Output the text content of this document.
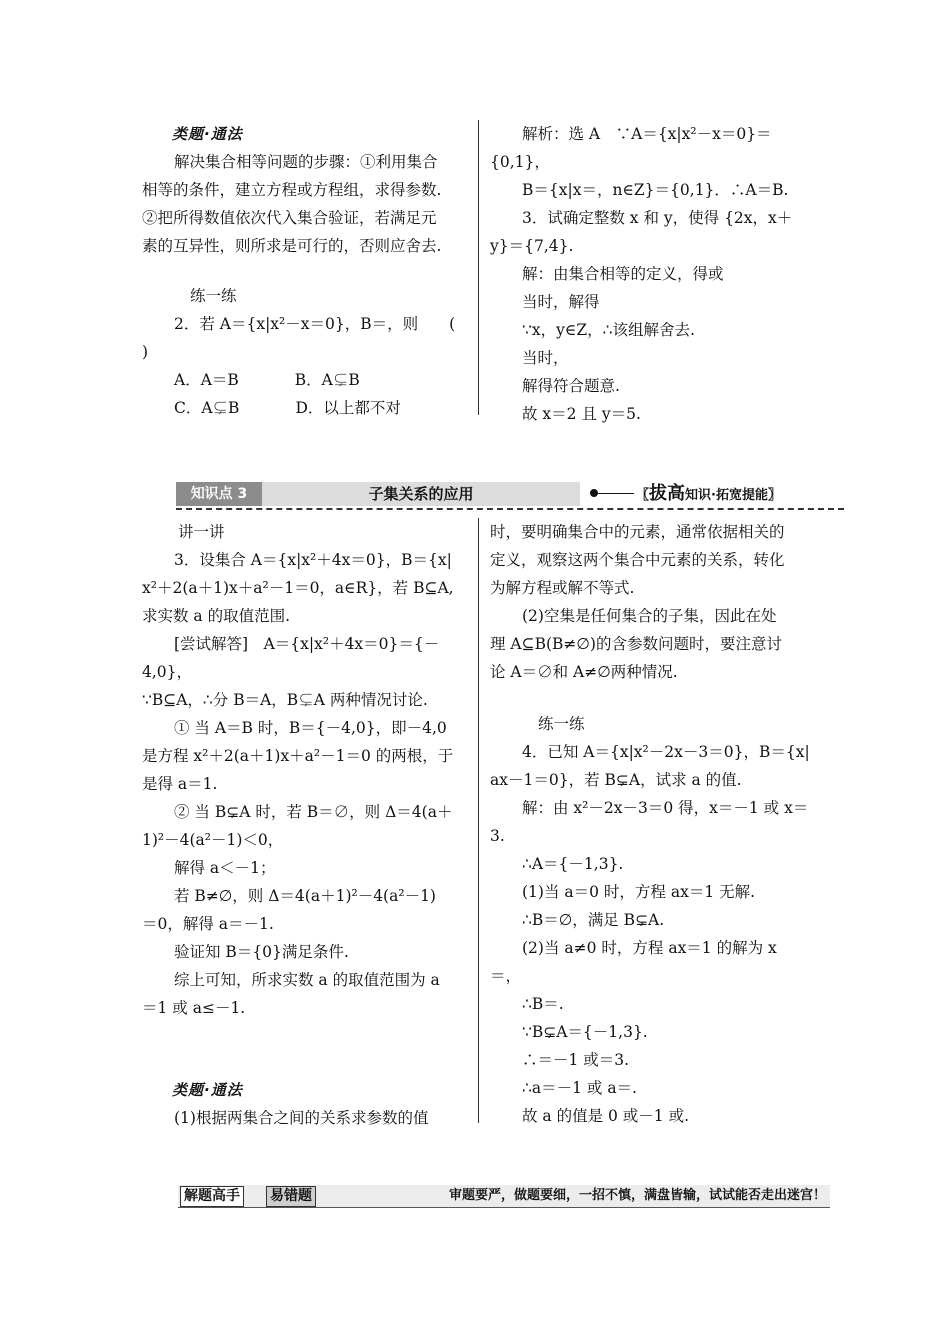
类题·通法

解决集合相等问题的步骤：①利用集合

相等的条件，建立方程或方程组，求得参数.

②把所得数值依次代入集合验证，若满足元

素的互异性，则所求是可行的，否则应舍去.

练一练

2．若 A＝{x|x²－x＝0}，B＝，则　　(

)

A．A＝B	B．A⊊B

C．A⊊B	D．以上都不对

解析：选 A　∵A＝{x|x²－x＝0}＝

{0,1}，

B＝{x|x＝，n∈Z}＝{0,1}．∴A＝B.

3．试确定整数 x 和 y，使得 {2x，x＋

y}＝{7,4}.

解：由集合相等的定义，得或

当时，解得

∵x，y∈Z，∴该组解舍去.

当时，

解得符合题意.

故 x＝2 且 y＝5.

知识点 3	子集关系的应用	〖拔高知识·拓宽提能〗

讲一讲

3．设集合 A＝{x|x²＋4x＝0}，B＝{x|

x²＋2(a＋1)x＋a²－1＝0，a∈R}，若 B⊆A,

求实数 a 的取值范围.

[尝试解答]　A＝{x|x²＋4x＝0}＝{－

4,0}，

∵B⊆A，∴分 B＝A，B⊊A 两种情况讨论.

① 当 A＝B 时，B＝{－4,0}，即－4,0

是方程 x²＋2(a＋1)x＋a²－1＝0 的两根，于

是得 a＝1.

② 当 B⊊A 时，若 B＝∅，则 Δ＝4(a＋

1)²－4(a²－1)＜0，

解得 a＜－1；

若 B≠∅，则 Δ＝4(a＋1)²－4(a²－1)

＝0，解得 a＝－1.

验证知 B＝{0}满足条件.

综上可知，所求实数 a 的取值范围为 a

＝1 或 a≤－1.

类题·通法

(1)根据两集合之间的关系求参数的值

时，要明确集合中的元素，通常依据相关的

定义，观察这两个集合中元素的关系，转化

为解方程或解不等式.

(2)空集是任何集合的子集，因此在处

理 A⊆B(B≠∅)的含参数问题时，要注意讨

论 A＝∅和 A≠∅两种情况.

练一练

4．已知 A＝{x|x²－2x－3＝0}，B＝{x|

ax－1＝0}，若 B⊊A，试求 a 的值.

解：由 x²－2x－3＝0 得，x＝－1 或 x＝

3.

∴A＝{－1,3}.

(1)当 a＝0 时，方程 ax＝1 无解.

∴B＝∅，满足 B⊊A.

(2)当 a≠0 时，方程 ax＝1 的解为 x

＝，

∴B＝.

∵B⊊A＝{－1,3}.

∴＝－1 或＝3.

∴a＝－1 或 a＝.

故 a 的值是 0 或－1 或.

解题高手 易错题	审题要严，做题要细，一招不慎，满盘皆输，试试能否走出迷宫！
